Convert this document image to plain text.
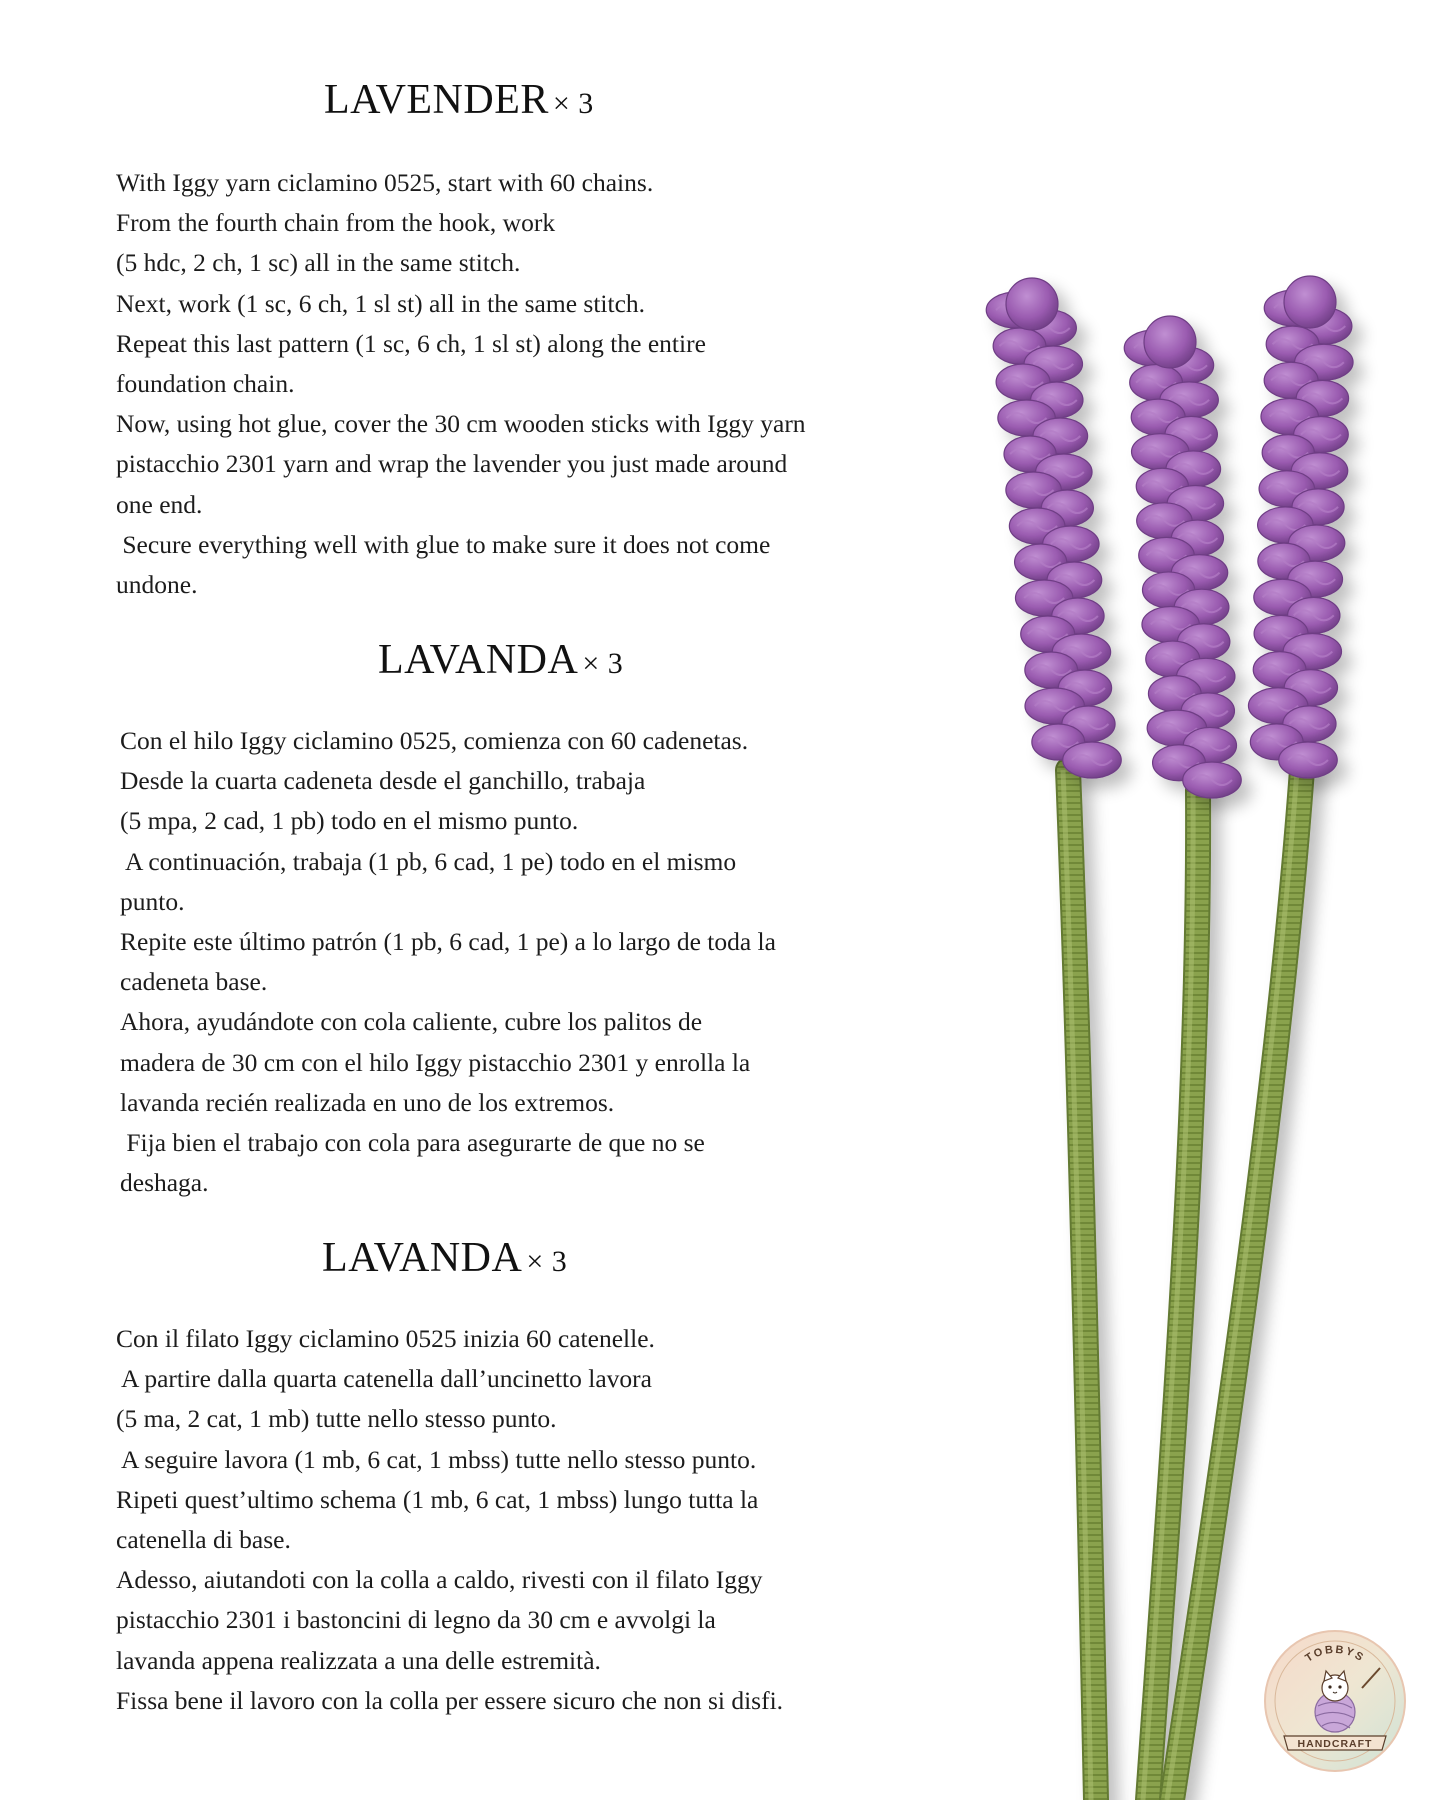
LAVENDER × 3
With Iggy yarn ciclamino 0525, start with 60 chains.
From the fourth chain from the hook, work
(5 hdc, 2 ch, 1 sc) all in the same stitch.
Next, work (1 sc, 6 ch, 1 sl st) all in the same stitch.
Repeat this last pattern (1 sc, 6 ch, 1 sl st) along the entire
foundation chain.
Now, using hot glue, cover the 30 cm wooden sticks with Iggy yarn
pistacchio 2301 yarn and wrap the lavender you just made around
one end.
Secure everything well with glue to make sure it does not come
undone.
LAVANDA × 3
Con el hilo Iggy ciclamino 0525, comienza con 60 cadenetas.
Desde la cuarta cadeneta desde el ganchillo, trabaja
(5 mpa, 2 cad, 1 pb) todo en el mismo punto.
A continuación, trabaja (1 pb, 6 cad, 1 pe) todo en el mismo
punto.
Repite este último patrón (1 pb, 6 cad, 1 pe) a lo largo de toda la
cadeneta base.
Ahora, ayudándote con cola caliente, cubre los palitos de
madera de 30 cm con el hilo Iggy pistacchio 2301 y enrolla la
lavanda recién realizada en uno de los extremos.
Fija bien el trabajo con cola para asegurarte de que no se
deshaga.
LAVANDA × 3
Con il filato Iggy ciclamino 0525 inizia 60 catenelle.
A partire dalla quarta catenella dall’uncinetto lavora
(5 ma, 2 cat, 1 mb) tutte nello stesso punto.
A seguire lavora (1 mb, 6 cat, 1 mbss) tutte nello stesso punto.
Ripeti quest’ultimo schema (1 mb, 6 cat, 1 mbss) lungo tutta la
catenella di base.
Adesso, aiutandoti con la colla a caldo, rivesti con il filato Iggy
pistacchio 2301 i bastoncini di legno da 30 cm e avvolgi la
lavanda appena realizzata a una delle estremità.
Fissa bene il lavoro con la colla per essere sicuro che non si disfi.
TOBBYS
HANDCRAFT
